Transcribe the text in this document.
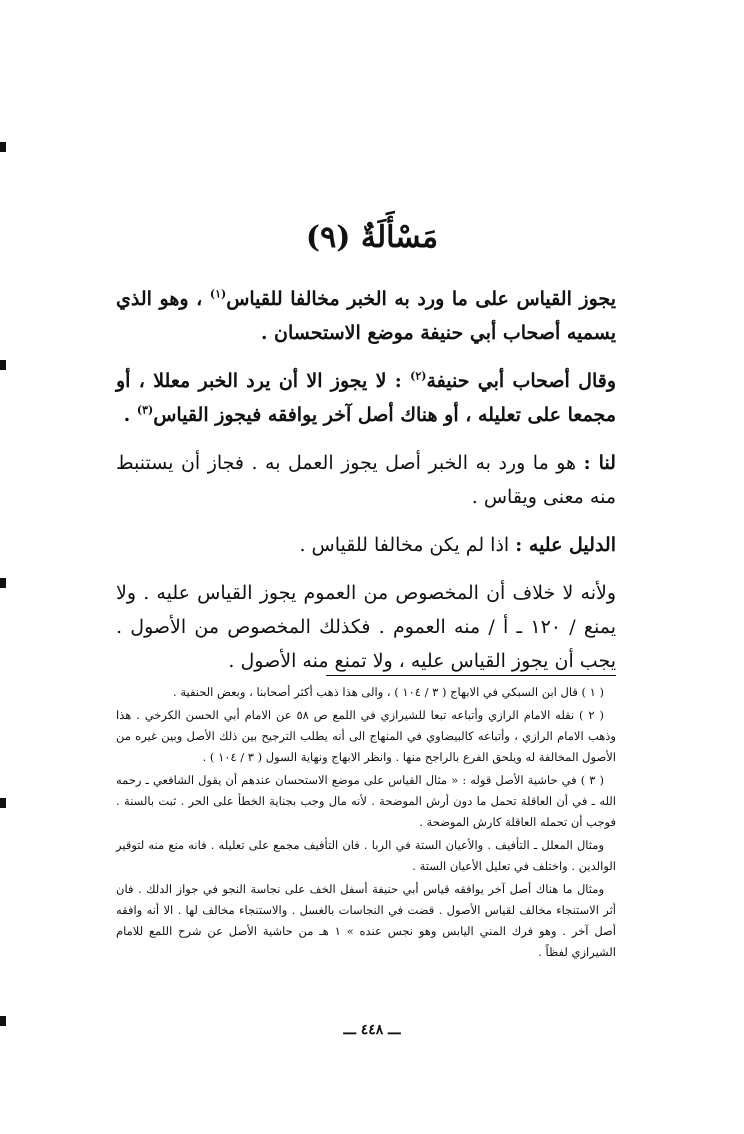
مَسْأَلَةٌ (٩)

يجوز القياس على ما ورد به الخبر مخالفا للقياس$^{(١)}$ ، وهو الذي يسميه أصحاب أبي حنيفة موضع الاستحسان .

وقال أصحاب أبي حنيفة$^{(٢)}$ : لا يجوز الا أن يرد الخبر معللا ، أو مجمعا على تعليله ، أو هناك أصل آخر يوافقه فيجوز القياس$^{(٣)}$ .

لنا : هو ما ورد به الخبر أصل يجوز العمل به . فجاز أن يستنبط منه معنى ويقاس .

الدليل عليه : اذا لم يكن مخالفا للقياس .

ولأنه لا خلاف أن المخصوص من العموم يجوز القياس عليه . ولا يمنع / ١٢٠ ـ أ / منه العموم . فكذلك المخصوص من الأصول . يجب أن يجوز القياس عليه ، ولا تمنع منه الأصول .

( ١ ) قال ابن السبكي في الابهاج ( ٣ / ١٠٤ ) ، والى هذا ذهب أكثر أصحابنا ، وبعض الحنفية .

( ٢ ) نقله الامام الرازي وأتباعه تبعا للشيرازي في اللمع ص ٥٨ عن الامام أبي الحسن الكرخي . هذا وذهب الامام الرازي ، وأتباعه كالبيضاوي في المنهاج الى أنه يطلب الترجيح بين ذلك الأصل وبين غيره من الأصول المخالفة له ويلحق الفرع بالراجح منها . وانظر الابهاج ونهاية السول ( ٣ / ١٠٤ ) .

( ٣ ) في حاشية الأصل قوله : « مثال القياس على موضع الاستحسان عندهم أن يقول الشافعي ـ رحمه الله ـ في أن العاقلة تحمل ما دون أرش الموضحة . لأنه مال وجب بجناية الخطأ على الحر . ثبت بالسنة . فوجب أن تحمله العاقلة كارش الموضحة .

ومثال المعلل ـ التأفيف . والأعيان الستة في الربا . فان التأفيف مجمع على تعليله . فانه منع منه لتوقير الوالدين . واختلف في تعليل الأعيان الستة .

ومثال ما هناك أصل آخر يوافقه قياس أبي حنيفة أسفل الخف على نجاسة النجو في جواز الدلك . فان أثر الاستنجاء مخالف لقياس الأصول . قضت في النجاسات بالغسل . والاستنجاء مخالف لها . الا أنه وافقه أصل آخر . وهو فرك المني اليابس وهو نجس عنده » ١ هـ من حاشية الأصل عن شرح اللمع للامام الشيرازي لفظاً .

ـــ ٤٤٨ ـــ
